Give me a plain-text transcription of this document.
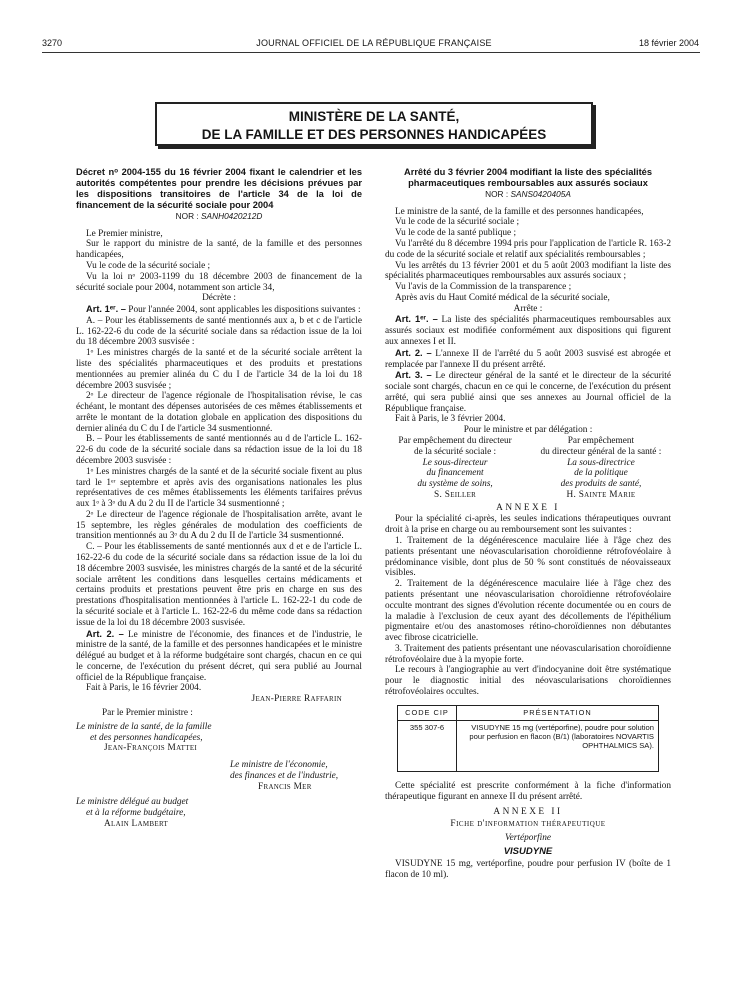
3270	JOURNAL OFFICIEL DE LA RÉPUBLIQUE FRANÇAISE	18 février 2004
MINISTÈRE DE LA SANTÉ,
DE LA FAMILLE ET DES PERSONNES HANDICAPÉES

Décret nᵒ 2004-155 du 16 février 2004 fixant le calendrier et les autorités compétentes pour prendre les décisions prévues par les dispositions transitoires de l'article 34 de la loi de financement de la sécurité sociale pour 2004

NOR : SANH0420212D

Le Premier ministre,

Sur le rapport du ministre de la santé, de la famille et des personnes handicapées,

Vu le code de la sécurité sociale ;

Vu la loi nᵒ 2003-1199 du 18 décembre 2003 de financement de la sécurité sociale pour 2004, notamment son article 34,

Décrète :

Art. 1ᵉʳ. – Pour l'année 2004, sont applicables les dispositions suivantes :

A. – Pour les établissements de santé mentionnés aux a, b et c de l'article L. 162-22-6 du code de la sécurité sociale dans sa rédaction issue de la loi du 18 décembre 2003 susvisée :

1ᵒ Les ministres chargés de la santé et de la sécurité sociale arrêtent la liste des spécialités pharmaceutiques et des produits et prestations mentionnées au premier alinéa du C du I de l'article 34 de la loi du 18 décembre 2003 susvisée ;

2ᵒ Le directeur de l'agence régionale de l'hospitalisation révise, le cas échéant, le montant des dépenses autorisées de ces mêmes établissements et arrête le montant de la dotation globale en application des dispositions du dernier alinéa du C du I de l'article 34 susmentionné.

B. – Pour les établissements de santé mentionnés au d de l'article L. 162-22-6 du code de la sécurité sociale dans sa rédaction issue de la loi du 18 décembre 2003 susvisée :

1ᵒ Les ministres chargés de la santé et de la sécurité sociale fixent au plus tard le 1ᵉʳ septembre et après avis des organisations nationales les plus représentatives de ces mêmes établissements les éléments tarifaires prévus aux 1ᵒ à 3ᵒ du A du 2 du II de l'article 34 susmentionné ;

2ᵒ Le directeur de l'agence régionale de l'hospitalisation arrête, avant le 15 septembre, les règles générales de modulation des coefficients de transition mentionnés au 3ᵒ du A du 2 du II de l'article 34 susmentionné.

C. – Pour les établissements de santé mentionnés aux d et e de l'article L. 162-22-6 du code de la sécurité sociale dans sa rédaction issue de la loi du 18 décembre 2003 susvisée, les ministres chargés de la santé et de la sécurité sociale arrêtent les conditions dans lesquelles certains médicaments et certains produits et prestations peuvent être pris en charge en sus des prestations d'hospitalisation mentionnées à l'article L. 162-22-1 du code de la sécurité sociale et à l'article L. 162-22-6 du même code dans sa rédaction issue de la loi du 18 décembre 2003 susvisée.

Art. 2. – Le ministre de l'économie, des finances et de l'industrie, le ministre de la santé, de la famille et des personnes handicapées et le ministre délégué au budget et à la réforme budgétaire sont chargés, chacun en ce qui le concerne, de l'exécution du présent décret, qui sera publié au Journal officiel de la République française.

Fait à Paris, le 16 février 2004.

Jean-Pierre Raffarin

Par le Premier ministre :

Le ministre de la santé, de la famille

et des personnes handicapées,

Jean-François Mattei

Le ministre de l'économie,

des finances et de l'industrie,

Francis Mer

Le ministre délégué au budget

et à la réforme budgétaire,

Alain Lambert

Arrêté du 3 février 2004 modifiant la liste des spécialités pharmaceutiques remboursables aux assurés sociaux

NOR : SANS0420405A

Le ministre de la santé, de la famille et des personnes handicapées,

Vu le code de la sécurité sociale ;

Vu le code de la santé publique ;

Vu l'arrêté du 8 décembre 1994 pris pour l'application de l'article R. 163-2 du code de la sécurité sociale et relatif aux spécialités remboursables ;

Vu les arrêtés du 13 février 2001 et du 5 août 2003 modifiant la liste des spécialités pharmaceutiques remboursables aux assurés sociaux ;

Vu l'avis de la Commission de la transparence ;

Après avis du Haut Comité médical de la sécurité sociale,

Arrête :

Art. 1ᵉʳ. – La liste des spécialités pharmaceutiques remboursables aux assurés sociaux est modifiée conformément aux dispositions qui figurent aux annexes I et II.

Art. 2. – L'annexe II de l'arrêté du 5 août 2003 susvisé est abrogée et remplacée par l'annexe II du présent arrêté.

Art. 3. – Le directeur général de la santé et le directeur de la sécurité sociale sont chargés, chacun en ce qui le concerne, de l'exécution du présent arrêté, qui sera publié ainsi que ses annexes au Journal officiel de la République française.

Fait à Paris, le 3 février 2004.

Pour le ministre et par délégation :

Par empêchement du directeur

de la sécurité sociale :

Le sous-directeur

du financement

du système de soins,

S. Seiller

Par empêchement

du directeur général de la santé :

La sous-directrice

de la politique

des produits de santé,

H. Sainte Marie

ANNEXE I

Pour la spécialité ci-après, les seules indications thérapeutiques ouvrant droit à la prise en charge ou au remboursement sont les suivantes :

1. Traitement de la dégénérescence maculaire liée à l'âge chez des patients présentant une néovascularisation choroïdienne rétrofovéolaire à prédominance visible, dont plus de 50 % sont constitués de néovaisseaux visibles.

2. Traitement de la dégénérescence maculaire liée à l'âge chez des patients présentant une néovascularisation choroïdienne rétrofovéolaire occulte montrant des signes d'évolution récente documentée ou en cours de la maladie à l'exclusion de ceux ayant des décollements de l'épithélium pigmentaire et/ou des anastomoses rétino-choroïdiennes non débutantes avec fibrose cicatricielle.

3. Traitement des patients présentant une néovascularisation choroïdienne rétrofovéolaire due à la myopie forte.

Le recours à l'angiographie au vert d'indocyanine doit être systématique pour le diagnostic initial des néovascularisations choroïdiennes rétrofovéolaires occultes.

CODE CIP	PRÉSENTATION
355 307-6	VISUDYNE 15 mg (vertéporfine), poudre pour solution pour perfusion en flacon (B/1) (laboratoires NOVARTIS OPHTHALMICS SA).

Cette spécialité est prescrite conformément à la fiche d'information thérapeutique figurant en annexe II du présent arrêté.

ANNEXE II

Fiche d'information thérapeutique

Vertéporfine

VISUDYNE

VISUDYNE 15 mg, vertéporfine, poudre pour perfusion IV (boîte de 1 flacon de 10 ml).
